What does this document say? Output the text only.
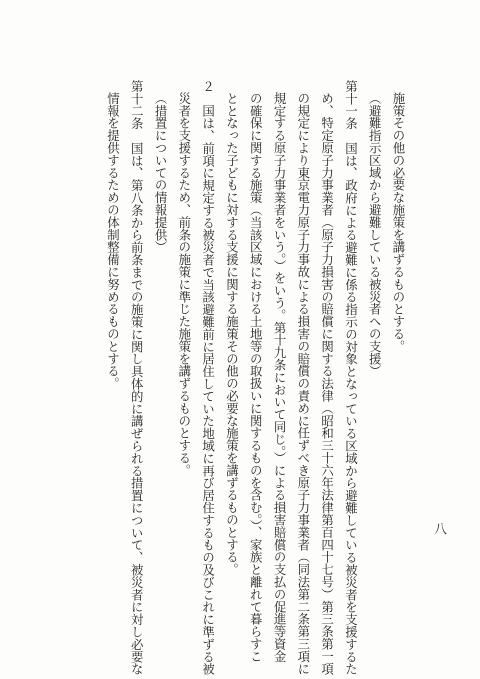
施策その他の必要な施策を講ずるものとする。
（避難指示区域から避難している被災者への支援）
第十一条　国は、政府による避難に係る指示の対象となっている区域から避難している被災者を支援するた
め、特定原子力事業者（原子力損害の賠償に関する法律（昭和三十六年法律第百四十七号）第三条第一項
の規定により東京電力原子力事故による損害の賠償の責めに任ずべき原子力事業者（同法第二条第三項に
規定する原子力事業者をいう。）をいう。第十九条において同じ。）による損害賠償の支払の促進等資金
の確保に関する施策（当該区域における土地等の取扱いに関するものを含む。）、家族と離れて暮らすこ
ととなった子どもに対する支援に関する施策その他の必要な施策を講ずるものとする。
２　国は、前項に規定する被災者で当該避難前に居住していた地域に再び居住するもの及びこれに準ずる被
災者を支援するため、前条の施策に準じた施策を講ずるものとする。
（措置についての情報提供）
第十二条　国は、第八条から前条までの施策に関し具体的に講ぜられる措置について、被災者に対し必要な
情報を提供するための体制整備に努めるものとする。
八
